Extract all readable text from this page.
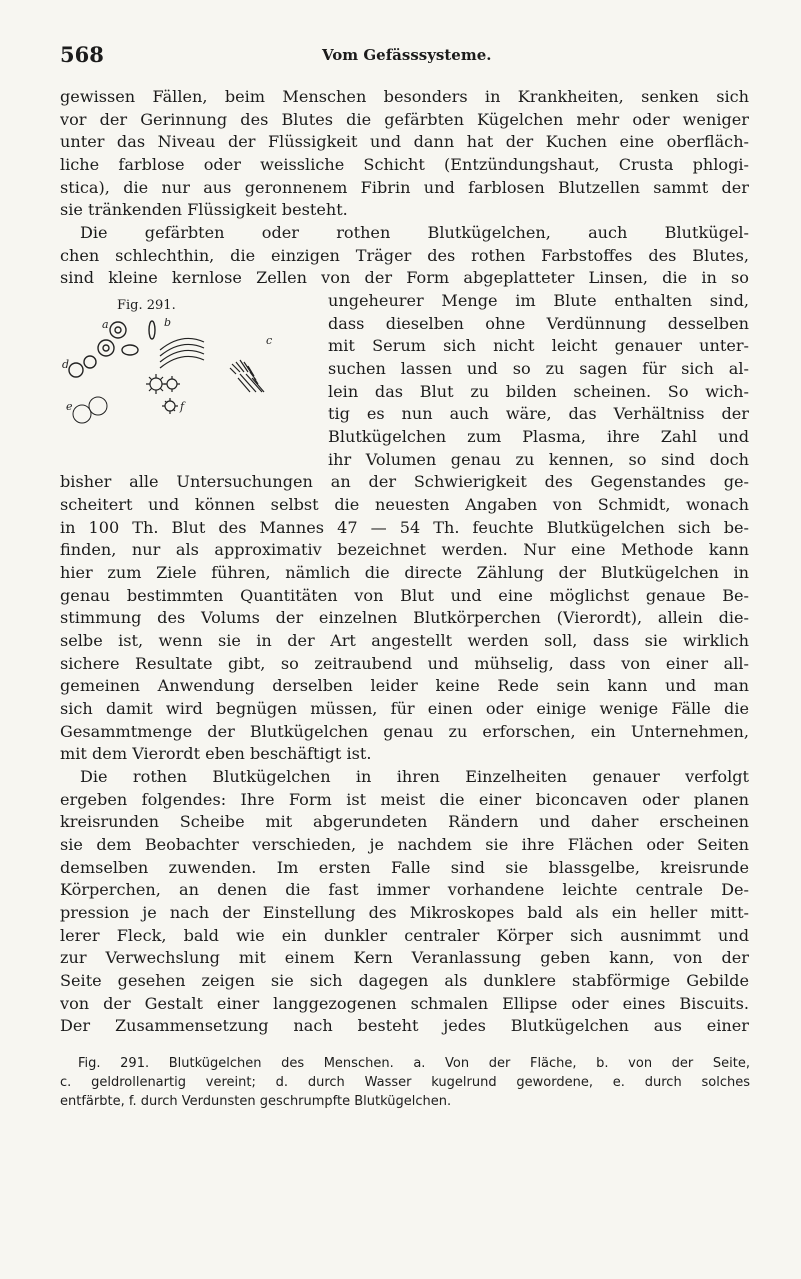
568	Vom Gefässsysteme.
gewissen Fällen, beim Menschen besonders in Krankheiten, senken sich
vor der Gerinnung des Blutes die gefärbten Kügelchen mehr oder weniger
unter das Niveau der Flüssigkeit und dann hat der Kuchen eine oberfläch-
liche farblose oder weissliche Schicht (Entzündungshaut, Crusta phlogi-
stica), die nur aus geronnenem Fibrin und farblosen Blutzellen sammt der
sie tränkenden Flüssigkeit besteht.
Die gefärbten oder rothen Blutkügelchen, auch Blutkügel-
chen schlechthin, die einzigen Träger des rothen Farbstoffes des Blutes,
sind kleine kernlose Zellen von der Form abgeplatteter Linsen, die in so
ungeheurer Menge im Blute enthalten sind,
dass dieselben ohne Verdünnung desselben
mit Serum sich nicht leicht genauer unter-
suchen lassen und so zu sagen für sich al-
lein das Blut zu bilden scheinen. So wich-
tig es nun auch wäre, das Verhältniss der
Blutkügelchen zum Plasma, ihre Zahl und
ihr Volumen genau zu kennen, so sind doch
Fig. 291.
a	b
c
d
e	f
bisher alle Untersuchungen an der Schwierigkeit des Gegenstandes ge-
scheitert und können selbst die neuesten Angaben von Schmidt, wonach
in 100 Th. Blut des Mannes 47 — 54 Th. feuchte Blutkügelchen sich be-
finden, nur als approximativ bezeichnet werden. Nur eine Methode kann
hier zum Ziele führen, nämlich die directe Zählung der Blutkügelchen in
genau bestimmten Quantitäten von Blut und eine möglichst genaue Be-
stimmung des Volums der einzelnen Blutkörperchen (Vierordt), allein die-
selbe ist, wenn sie in der Art angestellt werden soll, dass sie wirklich
sichere Resultate gibt, so zeitraubend und mühselig, dass von einer all-
gemeinen Anwendung derselben leider keine Rede sein kann und man
sich damit wird begnügen müssen, für einen oder einige wenige Fälle die
Gesammtmenge der Blutkügelchen genau zu erforschen, ein Unternehmen,
mit dem Vierordt eben beschäftigt ist.
Die rothen Blutkügelchen in ihren Einzelheiten genauer verfolgt
ergeben folgendes: Ihre Form ist meist die einer biconcaven oder planen
kreisrunden Scheibe mit abgerundeten Rändern und daher erscheinen
sie dem Beobachter verschieden, je nachdem sie ihre Flächen oder Seiten
demselben zuwenden. Im ersten Falle sind sie blassgelbe, kreisrunde
Körperchen, an denen die fast immer vorhandene leichte centrale De-
pression je nach der Einstellung des Mikroskopes bald als ein heller mitt-
lerer Fleck, bald wie ein dunkler centraler Körper sich ausnimmt und
zur Verwechslung mit einem Kern Veranlassung geben kann, von der
Seite gesehen zeigen sie sich dagegen als dunklere stabförmige Gebilde
von der Gestalt einer langgezogenen schmalen Ellipse oder eines Biscuits.
Der Zusammensetzung nach besteht jedes Blutkügelchen aus einer
Fig. 291. Blutkügelchen des Menschen. a. Von der Fläche, b. von der Seite,
c. geldrollenartig vereint; d. durch Wasser kugelrund gewordene, e. durch solches
entfärbte, f. durch Verdunsten geschrumpfte Blutkügelchen.
